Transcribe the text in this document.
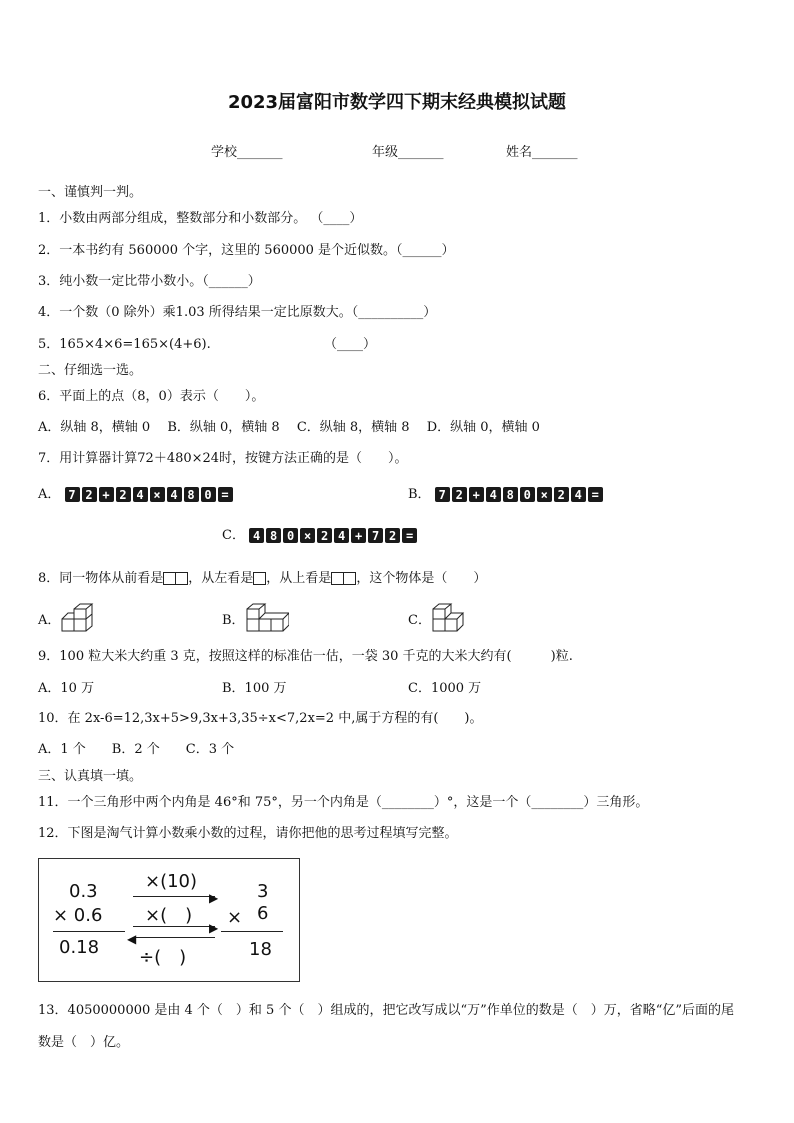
2023届富阳市数学四下期末经典模拟试题
学校_______	年级_______	姓名_______
一、谨慎判一判。
1．小数由两部分组成，整数部分和小数部分。 （____）
2．一本书约有 560000 个字，这里的 560000 是个近似数。（______）
3．纯小数一定比带小数小。（______）
4．一个数（0 除外）乘1.03 所得结果一定比原数大。（__________）
5．165×4×6=165×(4+6).	（____）
二、仔细选一选。
6．平面上的点（8，0）表示（　　）。
A．纵轴 8，横轴 0　 B．纵轴 0，横轴 8　 C．纵轴 8，横轴 8　 D．纵轴 0，横轴 0
7．用计算器计算72＋480×24时，按键方法正确的是（　　）。
A． 7 2 + 2 4 × 4 8 0 =	B． 7 2 + 4 8 0 × 2 4 =
C． 4 8 0 × 2 4 + 7 2 =
8．同一物体从前看是 ，从左看是 ，从上看是 ，这个物体是（　　）
A．	B．	C．
9．100 粒大米大约重 3 克，按照这样的标准估一估，一袋 30 千克的大米大约有(　　　)粒.
A．10 万	B．100 万	C．1000 万
10．在 2x-6=12,3x+5>9,3x+3,35÷x<7,2x=2 中,属于方程的有(　　)。
A．1 个　　B．2 个　　C．3 个
三、认真填一填。
11．一个三角形中两个内角是 46°和 75°，另一个内角是（________）°，这是一个（________）三角形。
12．下图是淘气计算小数乘小数的过程，请你把他的思考过程填写完整。
0.3
× 0.6
0.18
×(10)
▶
×(　)
▶
◀
÷(　)
3
× 6
18
13．4050000000 是由 4 个（　）和 5 个（　）组成的，把它改写成以“万”作单位的数是（　）万，省略“亿”后面的尾
数是（　）亿。
